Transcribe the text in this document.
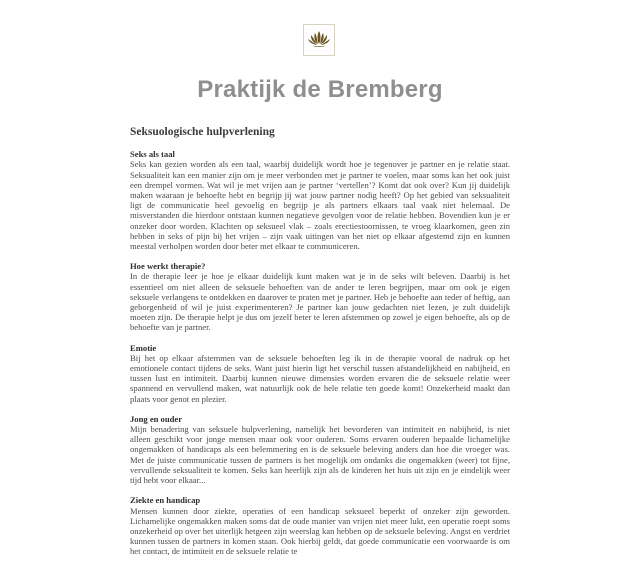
Praktijk de Bremberg
Seksuologische hulpverlening
Seks als taal
Seks kan gezien worden als een taal, waarbij duidelijk wordt hoe je tegenover je partner en je relatie staat. Seksualiteit kan een manier zijn om je meer verbonden met je partner te voelen, maar soms kan het ook juist een drempel vormen. Wat wil je met vrijen aan je partner ‘vertellen’? Komt dat ook over? Kun jij duidelijk maken waaraan je behoefte hebt en begrijp jij wat jouw partner nodig heeft? Op het gebied van seksualiteit ligt de communicatie heel gevoelig en begrijp je als partners elkaars taal vaak niet helemaal. De misverstanden die hierdoor ontstaan kunnen negatieve gevolgen voor de relatie hebben. Bovendien kun je er onzeker door worden. Klachten op seksueel vlak – zoals erectiestoornissen, te vroeg klaarkomen, geen zin hebben in seks of pijn bij het vrijen – zijn vaak uitingen van het niet op elkaar afgestemd zijn en kunnen meestal verholpen worden door beter met elkaar te communiceren.
Hoe werkt therapie?
In de therapie leer je hoe je elkaar duidelijk kunt maken wat je in de seks wilt beleven. Daarbij is het essentieel om niet alleen de seksuele behoeften van de ander te leren begrijpen, maar om ook je eigen seksuele verlangens te ontdekken en daarover te praten met je partner. Heb je behoefte aan teder of heftig, aan geborgenheid of wil je juist experimenteren? Je partner kan jouw gedachten niet lezen, je zult duidelijk moeten zijn. De therapie helpt je dus om jezelf beter te leren afstemmen op zowel je eigen behoefte, als op de behoefte van je partner.
Emotie
Bij het op elkaar afstemmen van de seksuele behoeften leg ik in de therapie vooral de nadruk op het emotionele contact tijdens de seks. Want juist hierin ligt het verschil tussen afstandelijkheid en nabijheid, en tussen lust en intimiteit. Daarbij kunnen nieuwe dimensies worden ervaren die de seksuele relatie weer spannend en vervullend maken, wat natuurlijk ook de hele relatie ten goede komt! Onzekerheid maakt dan plaats voor genot en plezier.
Jong en ouder
Mijn benadering van seksuele hulpverlening, namelijk het bevorderen van intimiteit en nabijheid, is niet alleen geschikt voor jonge mensen maar ook voor ouderen. Soms ervaren ouderen bepaalde lichamelijke ongemakken of handicaps als een belemmering en is de seksuele beleving anders dan hoe die vroeger was. Met de juiste communicatie tussen de partners is het mogelijk om ondanks die ongemakken (weer) tot fijne, vervullende seksualiteit te komen. Seks kan heerlijk zijn als de kinderen het huis uit zijn en je eindelijk weer tijd hebt voor elkaar...
Ziekte en handicap
Mensen kunnen door ziekte, operaties of een handicap seksueel beperkt of onzeker zijn geworden. Lichamelijke ongemakken maken soms dat de oude manier van vrijen niet meer lukt, een operatie roept soms onzekerheid op over het uiterlijk hetgeen zijn weerslag kan hebben op de seksuele beleving. Angst en verdriet kunnen tussen de partners in komen staan. Ook hierbij geldt, dat goede communicatie een voorwaarde is om het contact, de intimiteit en de seksuele relatie te
